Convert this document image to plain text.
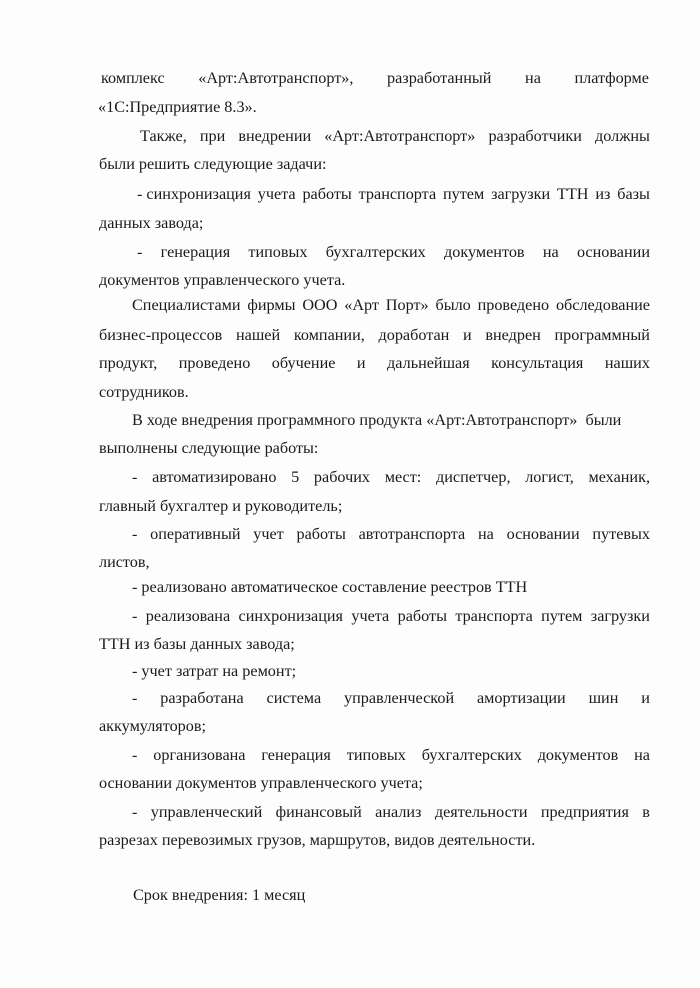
комплекс «Арт:Автотранспорт», разработанный на платформе
«1С:Предприятие 8.3».
Также, при внедрении «Арт:Автотранспорт» разработчики должны
были решить следующие задачи:
- синхронизация учета работы транспорта путем загрузки ТТН из базы
данных завода;
- генерация типовых бухгалтерских документов на основании
документов управленческого учета.
Специалистами фирмы ООО «Арт Порт» было проведено обследование
бизнес-процессов нашей компании, доработан и внедрен программный
продукт, проведено обучение и дальнейшая консультация наших
сотрудников.
В ходе внедрения программного продукта «Арт:Автотранспорт»  были
выполнены следующие работы:
- автоматизировано 5 рабочих мест: диспетчер, логист, механик,
главный бухгалтер и руководитель;
- оперативный учет работы автотранспорта на основании путевых
листов,
- реализовано автоматическое составление реестров ТТН
- реализована синхронизация учета работы транспорта путем загрузки
ТТН из базы данных завода;
- учет затрат на ремонт;
- разработана система управленческой амортизации шин и
аккумуляторов;
- организована генерация типовых бухгалтерских документов на
основании документов управленческого учета;
- управленческий финансовый анализ деятельности предприятия в
разрезах перевозимых грузов, маршрутов, видов деятельности.
Срок внедрения: 1 месяц
